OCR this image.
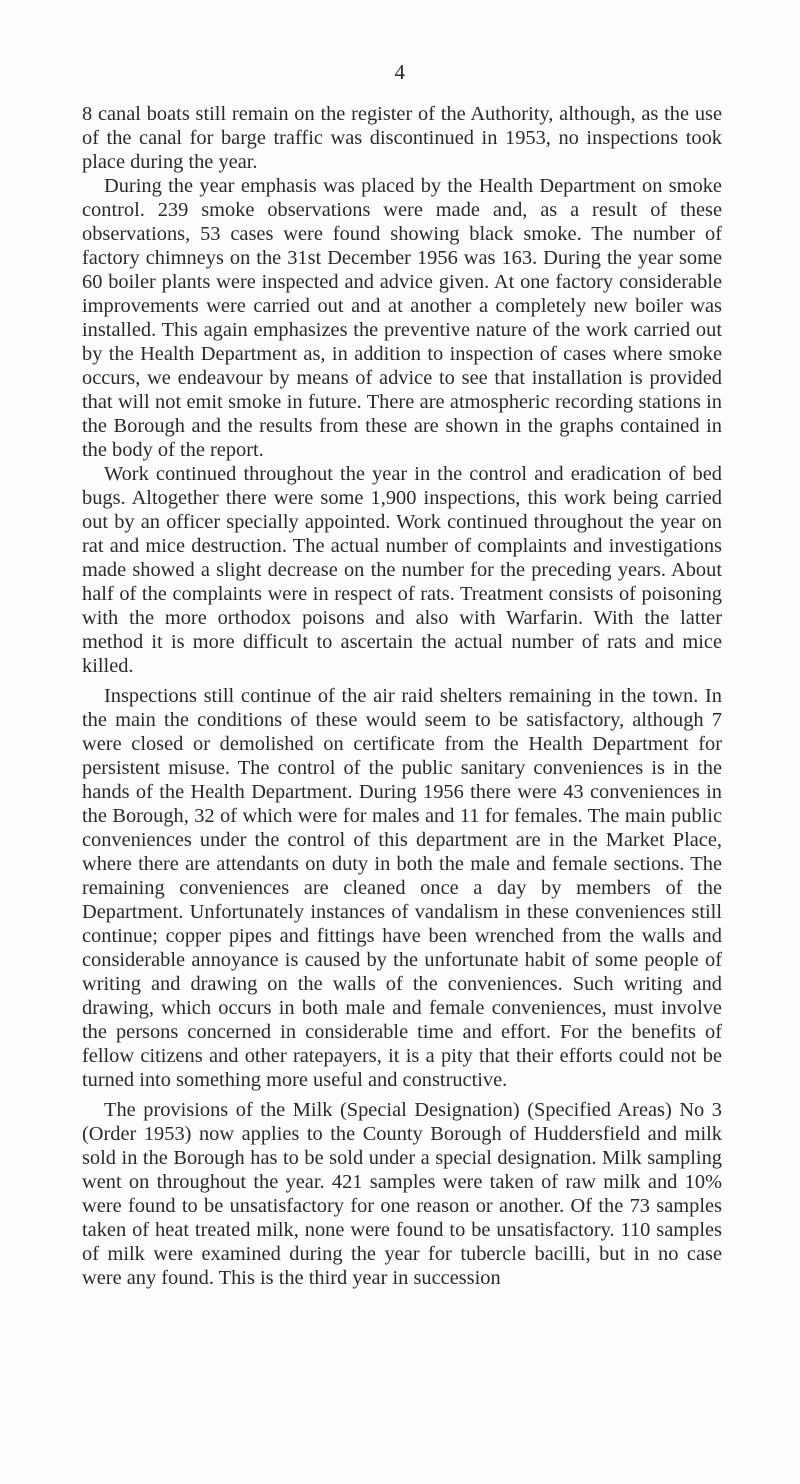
4

8 canal boats still remain on the register of the Authority, although, as the use of the canal for barge traffic was discontinued in 1953, no inspections took place during the year.

During the year emphasis was placed by the Health Department on smoke control. 239 smoke observations were made and, as a result of these observations, 53 cases were found showing black smoke. The number of factory chimneys on the 31st December 1956 was 163. During the year some 60 boiler plants were inspected and advice given. At one factory considerable improvements were carried out and at another a completely new boiler was installed. This again emphasizes the preventive nature of the work carried out by the Health Department as, in addition to inspection of cases where smoke occurs, we endeavour by means of advice to see that installation is provided that will not emit smoke in future. There are atmospheric recording stations in the Borough and the results from these are shown in the graphs contained in the body of the report.

Work continued throughout the year in the control and eradication of bed bugs. Altogether there were some 1,900 inspections, this work being carried out by an officer specially appointed. Work continued throughout the year on rat and mice destruction. The actual number of complaints and investigations made showed a slight decrease on the number for the preceding years. About half of the complaints were in respect of rats. Treatment consists of poisoning with the more orthodox poisons and also with Warfarin. With the latter method it is more difficult to ascertain the actual number of rats and mice killed.

Inspections still continue of the air raid shelters remaining in the town. In the main the conditions of these would seem to be satisfactory, although 7 were closed or demolished on certificate from the Health Department for persistent misuse. The control of the public sanitary conveniences is in the hands of the Health Department. During 1956 there were 43 conveniences in the Borough, 32 of which were for males and 11 for females. The main public conveniences under the control of this department are in the Market Place, where there are attendants on duty in both the male and female sections. The remaining conveniences are cleaned once a day by members of the Department. Unfortunately instances of vandalism in these conveniences still continue; copper pipes and fittings have been wrenched from the walls and considerable annoyance is caused by the unfortunate habit of some people of writing and drawing on the walls of the conveniences. Such writing and drawing, which occurs in both male and female conveniences, must involve the persons concerned in considerable time and effort. For the benefits of fellow citizens and other ratepayers, it is a pity that their efforts could not be turned into something more useful and constructive.

The provisions of the Milk (Special Designation) (Specified Areas) No 3 (Order 1953) now applies to the County Borough of Huddersfield and milk sold in the Borough has to be sold under a special designation. Milk sampling went on throughout the year. 421 samples were taken of raw milk and 10% were found to be unsatisfactory for one reason or another. Of the 73 samples taken of heat treated milk, none were found to be unsatisfactory. 110 samples of milk were examined during the year for tubercle bacilli, but in no case were any found. This is the third year in succession
